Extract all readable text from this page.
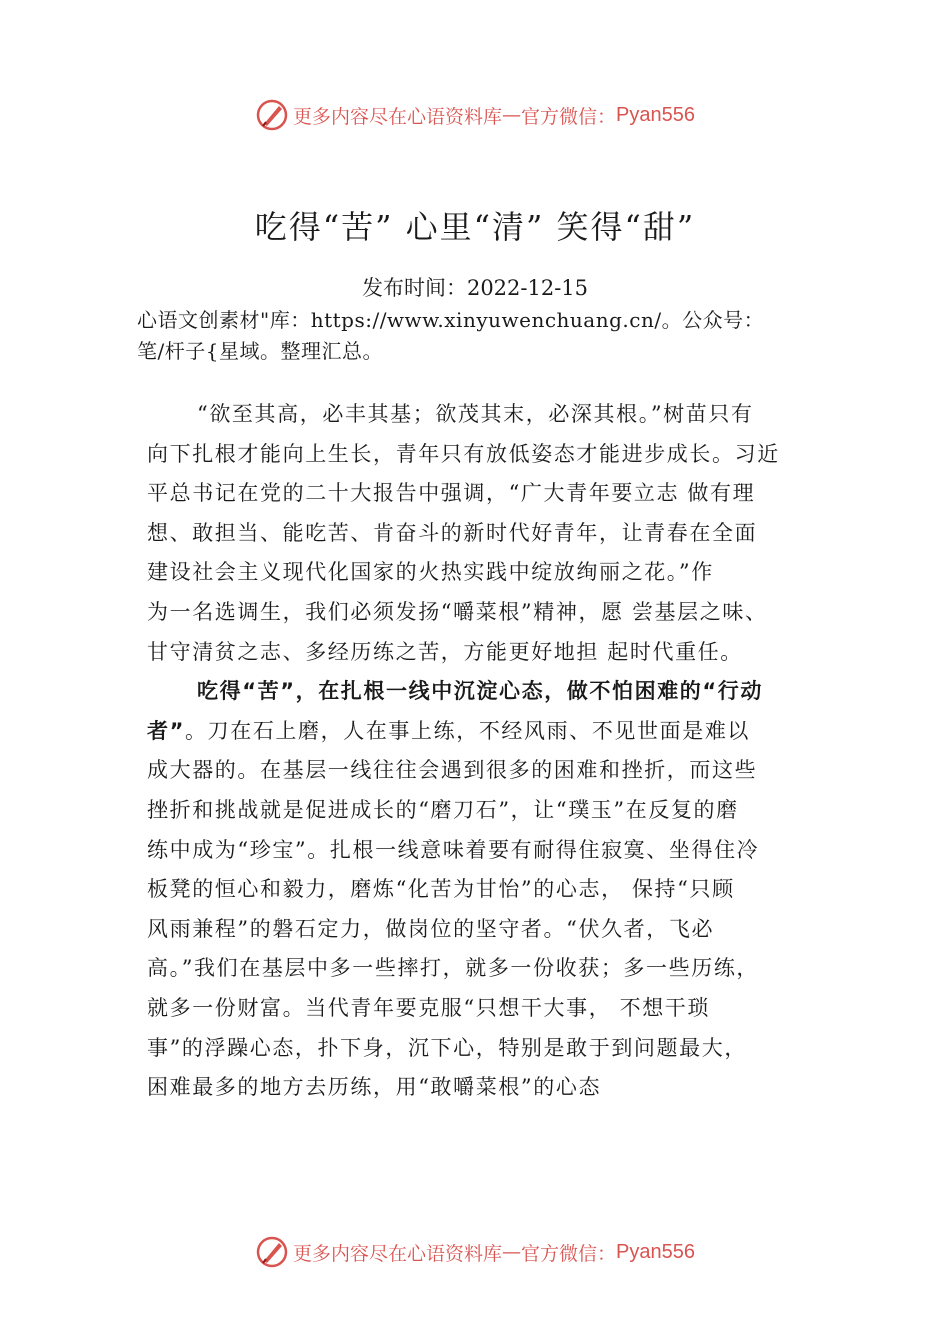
更多内容尽在心语资料库 — 官方微信： Pyan556
吃得“苦” 心里“清” 笑得“甜”
发布时间：2022-12-15
心语文创素材"库：https://www.xinyuwenchuang.cn/。公众号：
笔/杆子{星域。整理汇总。
“欲至其高，必丰其基；欲茂其末，必深其根。”树苗只有
向下扎根才能向上生长，青年只有放低姿态才能进步成长。习近
平总书记在党的二十大报告中强调，“广大青年要立志 做有理
想、敢担当、能吃苦、肯奋斗的新时代好青年，让青春在全面
建设社会主义现代化国家的火热实践中绽放绚丽之花。”作
为一名选调生，我们必须发扬“嚼菜根”精神，愿 尝基层之味、
甘守清贫之志、多经历练之苦，方能更好地担 起时代重任。
吃得“苦”，在扎根一线中沉淀心态，做不怕困难的“行动
者”。刀在石上磨，人在事上练，不经风雨、不见世面是难以
成大器的。在基层一线往往会遇到很多的困难和挫折，而这些
挫折和挑战就是促进成长的“磨刀石”，让“璞玉”在反复的磨
练中成为“珍宝”。扎根一线意味着要有耐得住寂寞、坐得住冷
板凳的恒心和毅力，磨炼“化苦为甘怡”的心志， 保持“只顾
风雨兼程”的磐石定力，做岗位的坚守者。“伏久者，飞必
高。”我们在基层中多一些摔打，就多一份收获；多一些历练，
就多一份财富。当代青年要克服“只想干大事， 不想干琐
事”的浮躁心态，扑下身，沉下心，特别是敢于到问题最大，
困难最多的地方去历练，用“敢嚼菜根”的心态
更多内容尽在心语资料库 — 官方微信： Pyan556
